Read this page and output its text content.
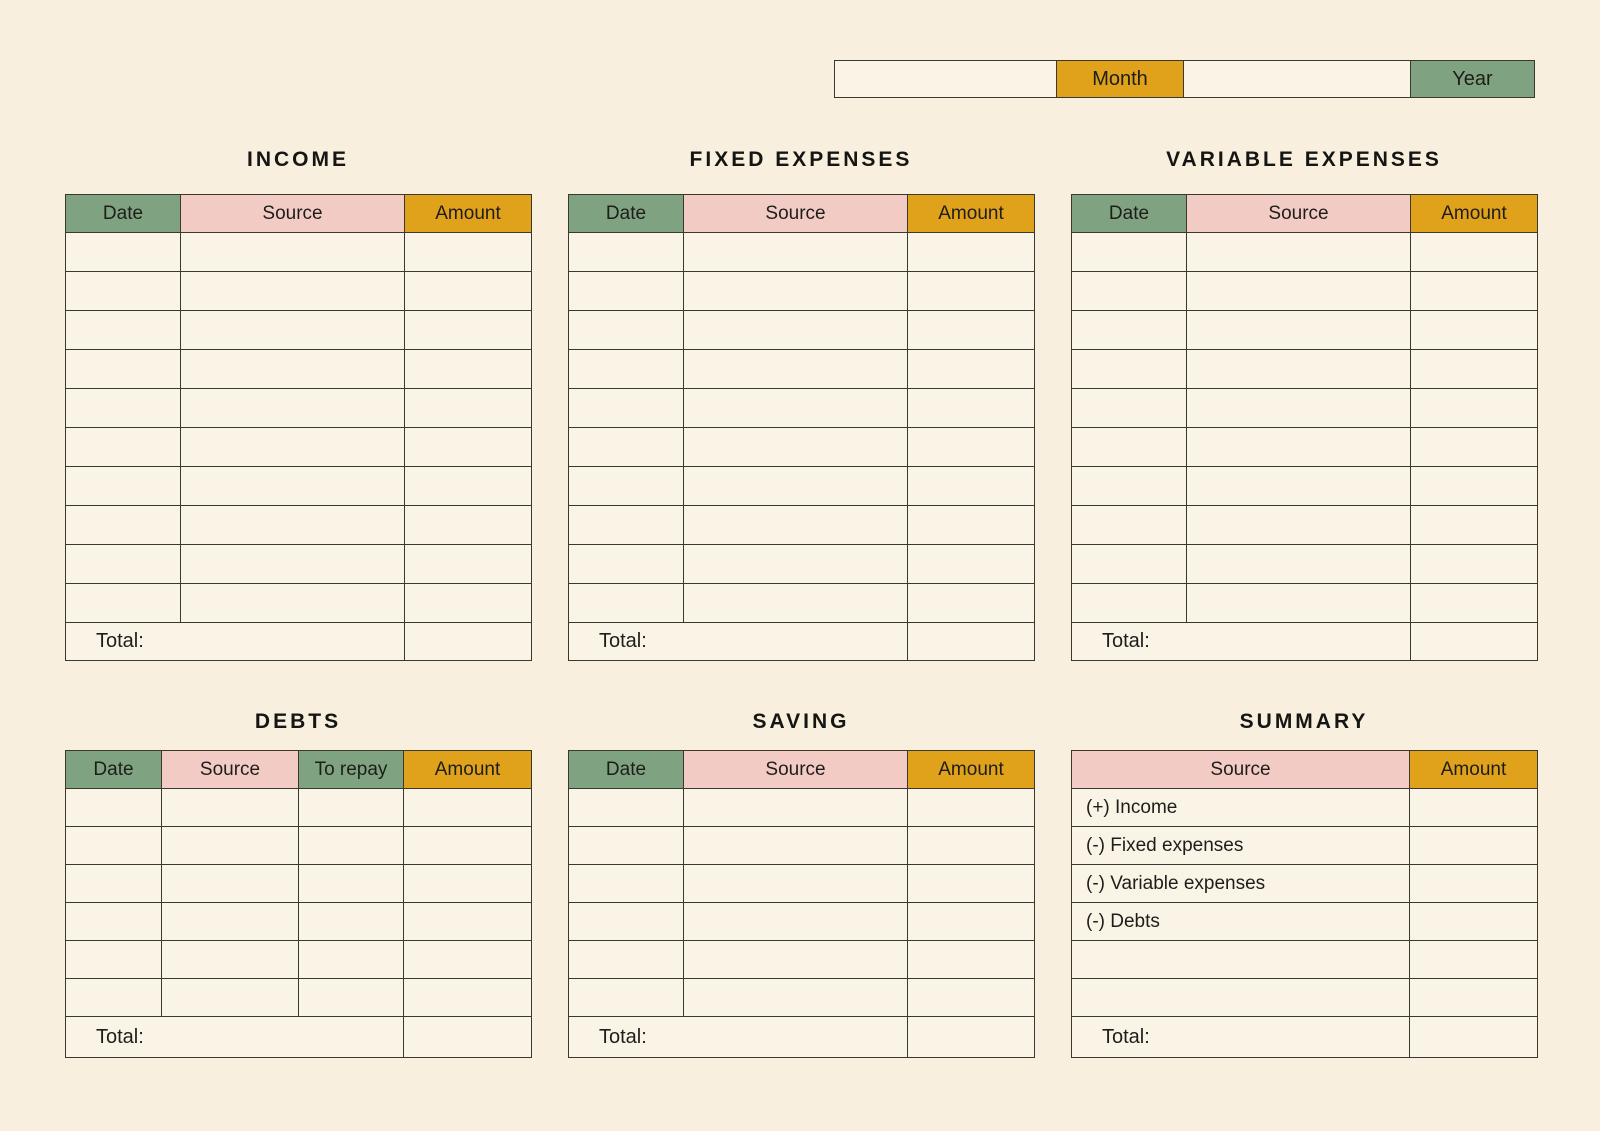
Month	Year
INCOME
Date	Source	Amount

Total:		
FIXED EXPENSES
Date	Source	Amount

Total:		
VARIABLE EXPENSES
Date	Source	Amount

Total:		
DEBTS
Date	Source	To repay	Amount

Total:			
SAVING
Date	Source	Amount

Total:		
SUMMARY
Source	Amount
(+) Income	
(-) Fixed expenses	
(-) Variable expenses	
(-) Debts	

Total:	
